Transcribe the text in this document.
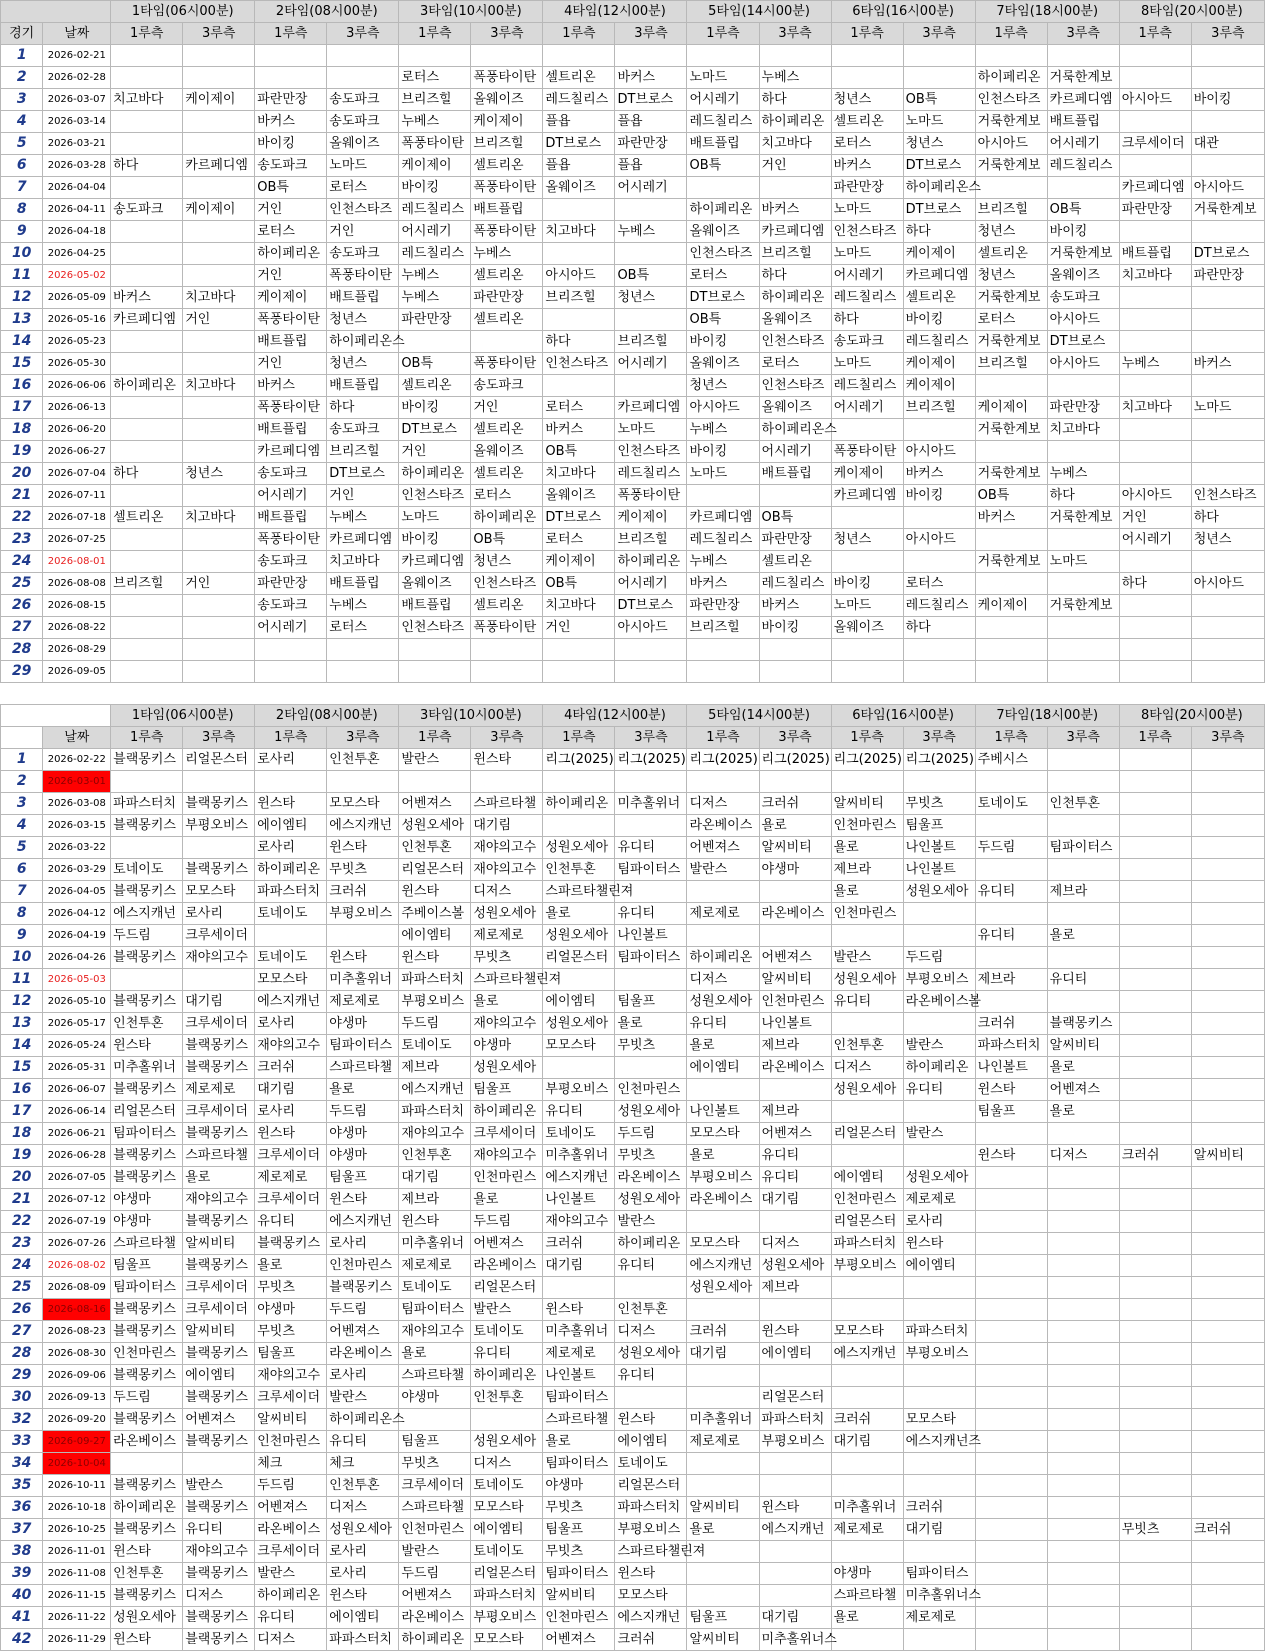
		1타임(06시00분)		2타임(08시00분)		3타임(10시00분)		4타임(12시00분)		5타임(14시00분)		6타임(16시00분)		7타임(18시00분)		8타임(20시00분)	
경기	날짜	1루측	3루측	1루측	3루측	1루측	3루측	1루측	3루측	1루측	3루측	1루측	3루측	1루측	3루측	1루측	3루측
1	2026-02-21																
2	2026-02-28					로터스	폭풍타이탄	셀트리온	바커스	노마드	누베스			하이페리온	거룩한계보		
3	2026-03-07	치고바다	케이제이	파란만장	송도파크	브리즈힐	올웨이즈	레드칠리스	DT브로스	어시레기	하다	청년스	OB특	인천스타즈	카르페디엠	아시아드	바이킹
4	2026-03-14			바커스	송도파크	누베스	케이제이	플욥	플욥	레드칠리스	하이페리온	셀트리온	노마드	거룩한계보	배트플립		
5	2026-03-21			바이킹	올웨이즈	폭풍타이탄	브리즈힐	DT브로스	파란만장	배트플립	치고바다	로터스	청년스	아시아드	어시레기	크루세이더	대관
6	2026-03-28	하다	카르페디엠	송도파크	노마드	케이제이	셀트리온	플욥	플욥	OB특	거인	바커스	DT브로스	거룩한계보	레드칠리스		
7	2026-04-04			OB특	로터스	바이킹	폭풍타이탄	올웨이즈	어시레기			파란만장	하이페리온스			카르페디엠	아시아드
8	2026-04-11	송도파크	케이제이	거인	인천스타즈	레드칠리스	배트플립			하이페리온	바커스	노마드	DT브로스	브리즈힐	OB특	파란만장	거룩한계보
9	2026-04-18			로터스	거인	어시레기	폭풍타이탄	치고바다	누베스	올웨이즈	카르페디엠	인천스타즈	하다	청년스	바이킹		
10	2026-04-25			하이페리온	송도파크	레드칠리스	누베스			인천스타즈	브리즈힐	노마드	케이제이	셀트리온	거룩한계보	배트플립	DT브로스
11	2026-05-02			거인	폭풍타이탄	누베스	셀트리온	아시아드	OB특	로터스	하다	어시레기	카르페디엠	청년스	올웨이즈	치고바다	파란만장
12	2026-05-09	바커스	치고바다	케이제이	배트플립	누베스	파란만장	브리즈힐	청년스	DT브로스	하이페리온	레드칠리스	셀트리온	거룩한계보	송도파크		
13	2026-05-16	카르페디엠	거인	폭풍타이탄	청년스	파란만장	셀트리온			OB특	올웨이즈	하다	바이킹	로터스	아시아드		
14	2026-05-23			배트플립	하이페리온스			하다	브리즈힐	바이킹	인천스타즈	송도파크	레드칠리스	거룩한계보	DT브로스		
15	2026-05-30			거인	청년스	OB특	폭풍타이탄	인천스타즈	어시레기	올웨이즈	로터스	노마드	케이제이	브리즈힐	아시아드	누베스	바커스
16	2026-06-06	하이페리온	치고바다	바커스	배트플립	셀트리온	송도파크			청년스	인천스타즈	레드칠리스	케이제이				
17	2026-06-13			폭풍타이탄	하다	바이킹	거인	로터스	카르페디엠	아시아드	올웨이즈	어시레기	브리즈힐	케이제이	파란만장	치고바다	노마드
18	2026-06-20			배트플립	송도파크	DT브로스	셀트리온	바커스	노마드	누베스	하이페리온스			거룩한계보	치고바다		
19	2026-06-27			카르페디엠	브리즈힐	거인	올웨이즈	OB특	인천스타즈	바이킹	어시레기	폭풍타이탄	아시아드				
20	2026-07-04	하다	청년스	송도파크	DT브로스	하이페리온	셀트리온	치고바다	레드칠리스	노마드	배트플립	케이제이	바커스	거룩한계보	누베스		
21	2026-07-11			어시레기	거인	인천스타즈	로터스	올웨이즈	폭풍타이탄			카르페디엠	바이킹	OB특	하다	아시아드	인천스타즈
22	2026-07-18	셀트리온	치고바다	배트플립	누베스	노마드	하이페리온	DT브로스	케이제이	카르페디엠	OB특			바커스	거룩한계보	거인	하다
23	2026-07-25			폭풍타이탄	카르페디엠	바이킹	OB특	로터스	브리즈힐	레드칠리스	파란만장	청년스	아시아드			어시레기	청년스
24	2026-08-01			송도파크	치고바다	카르페디엠	청년스	케이제이	하이페리온	누베스	셀트리온			거룩한계보	노마드		
25	2026-08-08	브리즈힐	거인	파란만장	배트플립	올웨이즈	인천스타즈	OB특	어시레기	바커스	레드칠리스	바이킹	로터스			하다	아시아드
26	2026-08-15			송도파크	누베스	배트플립	셀트리온	치고바다	DT브로스	파란만장	바커스	노마드	레드칠리스	케이제이	거룩한계보		
27	2026-08-22			어시레기	로터스	인천스타즈	폭풍타이탄	거인	아시아드	브리즈힐	바이킹	올웨이즈	하다				
28	2026-08-29																
29	2026-09-05																
		1타임(06시00분)		2타임(08시00분)		3타임(10시00분)		4타임(12시00분)		5타임(14시00분)		6타임(16시00분)		7타임(18시00분)		8타임(20시00분)	
	날짜	1루측	3루측	1루측	3루측	1루측	3루측	1루측	3루측	1루측	3루측	1루측	3루측	1루측	3루측	1루측	3루측
1	2026-02-22	블랙몽키스	리얼몬스터	로사리	인천투혼	발란스	윈스타	리그(2025)	리그(2025)	리그(2025)	리그(2025)	리그(2025)	리그(2025)	주베시스			
2	2026-03-01																
3	2026-03-08	파파스터치	블랙몽키스	윈스타	모모스타	어벤져스	스파르타챌	하이페리온	미추홀위너	디저스	크러쉬	알씨비티	무빗츠	토네이도	인천투혼		
4	2026-03-15	블랙몽키스	부평오비스	에이엠티	에스지캐넌	성원오세아	대기림			라온베이스	욜로	인천마린스	팀울프				
5	2026-03-22			로사리	윈스타	인천투혼	재야의고수	성원오세아	유디티	어벤져스	알씨비티	욜로	나인볼트	두드림	팀파이터스		
6	2026-03-29	토네이도	블랙몽키스	하이페리온	무빗츠	리얼몬스터	재야의고수	인천투혼	팀파이터스	발란스	야생마	제브라	나인볼트				
7	2026-04-05	블랙몽키스	모모스타	파파스터치	크러쉬	윈스타	디저스	스파르타챌린져				욜로	성원오세아	유디티	제브라		
8	2026-04-12	에스지캐넌	로사리	토네이도	부평오비스	주베이스볼	성원오세아	욜로	유디티	제로제로	라온베이스	인천마린스					
9	2026-04-19	두드림	크루세이더			에이엠티	제로제로	성원오세아	나인볼트					유디티	욜로		
10	2026-04-26	블랙몽키스	재야의고수	토네이도	윈스타	윈스타	무빗츠	리얼몬스터	팀파이터스	하이페리온	어벤져스	발란스	두드림				
11	2026-05-03			모모스타	미추홀위너	파파스터치	스파르타챌린져			디저스	알씨비티	성원오세아	부평오비스	제브라	유디티		
12	2026-05-10	블랙몽키스	대기림	에스지캐넌	제로제로	부평오비스	욜로	에이엠티	팀울프	성원오세아	인천마린스	유디티	라온베이스볼				
13	2026-05-17	인천투혼	크루세이더	로사리	야생마	두드림	재야의고수	성원오세아	욜로	유디티	나인볼트			크러쉬	블랙몽키스		
14	2026-05-24	윈스타	블랙몽키스	재야의고수	팀파이터스	토네이도	야생마	모모스타	무빗츠	욜로	제브라	인천투혼	발란스	파파스터치	알씨비티		
15	2026-05-31	미추홀위너	블랙몽키스	크러쉬	스파르타챌	제브라	성원오세아			에이엠티	라온베이스	디저스	하이페리온	나인볼트	욜로		
16	2026-06-07	블랙몽키스	제로제로	대기림	욜로	에스지캐넌	팀울프	부평오비스	인천마린스			성원오세아	유디티	윈스타	어벤져스		
17	2026-06-14	리얼몬스터	크루세이더	로사리	두드림	파파스터치	하이페리온	유디티	성원오세아	나인볼트	제브라			팀울프	욜로		
18	2026-06-21	팀파이터스	블랙몽키스	윈스타	야생마	재야의고수	크루세이더	토네이도	두드림	모모스타	어벤져스	리얼몬스터	발란스				
19	2026-06-28	블랙몽키스	스파르타챌	크루세이더	야생마	인천투혼	재야의고수	미추홀위너	무빗츠	욜로	유디티			윈스타	디저스	크러쉬	알씨비티
20	2026-07-05	블랙몽키스	욜로	제로제로	팀울프	대기림	인천마린스	에스지캐넌	라온베이스	부평오비스	유디티	에이엠티	성원오세아				
21	2026-07-12	야생마	재야의고수	크루세이더	윈스타	제브라	욜로	나인볼트	성원오세아	라온베이스	대기림	인천마린스	제로제로				
22	2026-07-19	야생마	블랙몽키스	유디티	에스지캐넌	윈스타	두드림	재야의고수	발란스			리얼몬스터	로사리				
23	2026-07-26	스파르타챌	알씨비티	블랙몽키스	로사리	미추홀위너	어벤져스	크러쉬	하이페리온	모모스타	디저스	파파스터치	윈스타				
24	2026-08-02	팀울프	블랙몽키스	욜로	인천마린스	제로제로	라온베이스	대기림	유디티	에스지캐넌	성원오세아	부평오비스	에이엠티				
25	2026-08-09	팀파이터스	크루세이더	무빗츠	블랙몽키스	토네이도	리얼몬스터			성원오세아	제브라						
26	2026-08-16	블랙몽키스	크루세이더	야생마	두드림	팀파이터스	발란스	윈스타	인천투혼								
27	2026-08-23	블랙몽키스	알씨비티	무빗츠	어벤져스	재야의고수	토네이도	미추홀위너	디저스	크러쉬	윈스타	모모스타	파파스터치				
28	2026-08-30	인천마린스	블랙몽키스	팀울프	라온베이스	욜로	유디티	제로제로	성원오세아	대기림	에이엠티	에스지캐넌	부평오비스				
29	2026-09-06	블랙몽키스	에이엠티	재야의고수	로사리	스파르타챌	하이페리온	나인볼트	유디티								
30	2026-09-13	두드림	블랙몽키스	크루세이더	발란스	야생마	인천투혼	팀파이터스			리얼몬스터						
32	2026-09-20	블랙몽키스	어벤져스	알씨비티	하이페리온스			스파르타챌	윈스타	미추홀위너	파파스터치	크러쉬	모모스타				
33	2026-09-27	라온베이스	블랙몽키스	인천마린스	유디티	팀울프	성원오세아	욜로	에이엠티	제로제로	부평오비스	대기림	에스지캐넌즈				
34	2026-10-04			체크	체크	무빗츠	디저스	팀파이터스	토네이도								
35	2026-10-11	블랙몽키스	발란스	두드림	인천투혼	크루세이더	토네이도	야생마	리얼몬스터								
36	2026-10-18	하이페리온	블랙몽키스	어벤져스	디저스	스파르타챌	모모스타	무빗츠	파파스터치	알씨비티	윈스타	미추홀위너	크러쉬				
37	2026-10-25	블랙몽키스	유디티	라온베이스	성원오세아	인천마린스	에이엠티	팀울프	부평오비스	욜로	에스지캐넌	제로제로	대기림			무빗츠	크러쉬
38	2026-11-01	윈스타	재야의고수	크루세이더	로사리	발란스	토네이도	무빗츠	스파르타챌린져								
39	2026-11-08	인천투혼	블랙몽키스	발란스	로사리	두드림	리얼몬스터	팀파이터스	윈스타			야생마	팀파이터스				
40	2026-11-15	블랙몽키스	디저스	하이페리온	윈스타	어벤져스	파파스터치	알씨비티	모모스타			스파르타챌	미추홀위너스				
41	2026-11-22	성원오세아	블랙몽키스	유디티	에이엠티	라온베이스	부평오비스	인천마린스	에스지캐넌	팀울프	대기림	욜로	제로제로				
42	2026-11-29	윈스타	블랙몽키스	디저스	파파스터치	하이페리온	모모스타	어벤져스	크러쉬	알씨비티	미추홀위너스						
